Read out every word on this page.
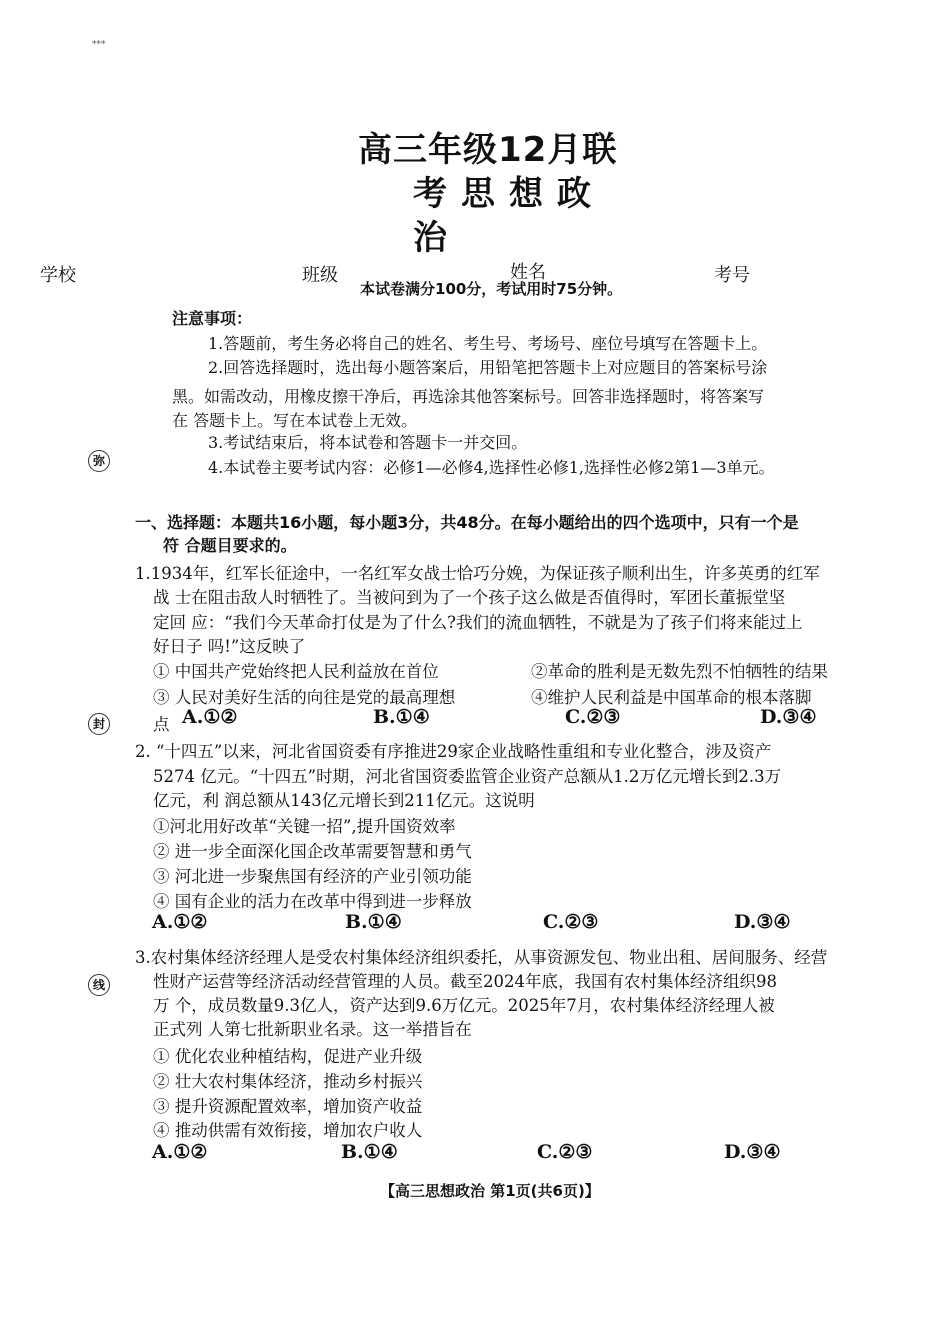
***
高三年级12月联
考思想政
治
学校	班级	姓名	考号
本试卷满分100分，考试用时75分钟。
注意事项：
1.答题前，考生务必将自己的姓名、考生号、考场号、座位号填写在答题卡上。
2.回答选择题时，选出每小题答案后，用铅笔把答题卡上对应题目的答案标号涂
黑。如需改动，用橡皮擦干净后，再选涂其他答案标号。回答非选择题时，将答案写
在 答题卡上。写在本试卷上无效。
3.考试结束后，将本试卷和答题卡一并交回。
4.本试卷主要考试内容：必修1—必修4,选择性必修1,选择性必修2第1—3单元。
弥
封
线
一、选择题：本题共16小题，每小题3分，共48分。在每小题给出的四个选项中，只有一个是
符 合题目要求的。
1.1934年，红军长征途中，一名红军女战士恰巧分娩，为保证孩子顺利出生，许多英勇的红军
战 士在阻击敌人时牺牲了。当被问到为了一个孩子这么做是否值得时，军团长董振堂坚
定回 应：“我们今天革命打仗是为了什么?我们的流血牺牲，不就是为了孩子们将来能过上
好日子 吗!”这反映了
① 中国共产党始终把人民利益放在首位	②革命的胜利是无数先烈不怕牺牲的结果
③ 人民对美好生活的向往是党的最高理想	④维护人民利益是中国革命的根本落脚
点 A.①②	B.①④	C.②③	D.③④
2. “十四五”以来，河北省国资委有序推进29家企业战略性重组和专业化整合，涉及资产
5274 亿元。“十四五”时期，河北省国资委监管企业资产总额从1.2万亿元增长到2.3万
亿元，利 润总额从143亿元增长到211亿元。这说明
①河北用好改革“关键一招”,提升国资效率
② 进一步全面深化国企改革需要智慧和勇气
③ 河北进一步聚焦国有经济的产业引领功能
④ 国有企业的活力在改革中得到进一步释放
A.①②	B.①④	C.②③	D.③④
3.农村集体经济经理人是受农村集体经济组织委托，从事资源发包、物业出租、居间服务、经营
性财产运营等经济活动经营管理的人员。截至2024年底，我国有农村集体经济组织98
万 个，成员数量9.3亿人，资产达到9.6万亿元。2025年7月，农村集体经济经理人被
正式列 人第七批新职业名录。这一举措旨在
① 优化农业种植结构，促进产业升级
② 壮大农村集体经济，推动乡村振兴
③ 提升资源配置效率，增加资产收益
④ 推动供需有效衔接，增加农户收人
A.①②	B.①④	C.②③	D.③④
【高三思想政治 第1页(共6页)】
